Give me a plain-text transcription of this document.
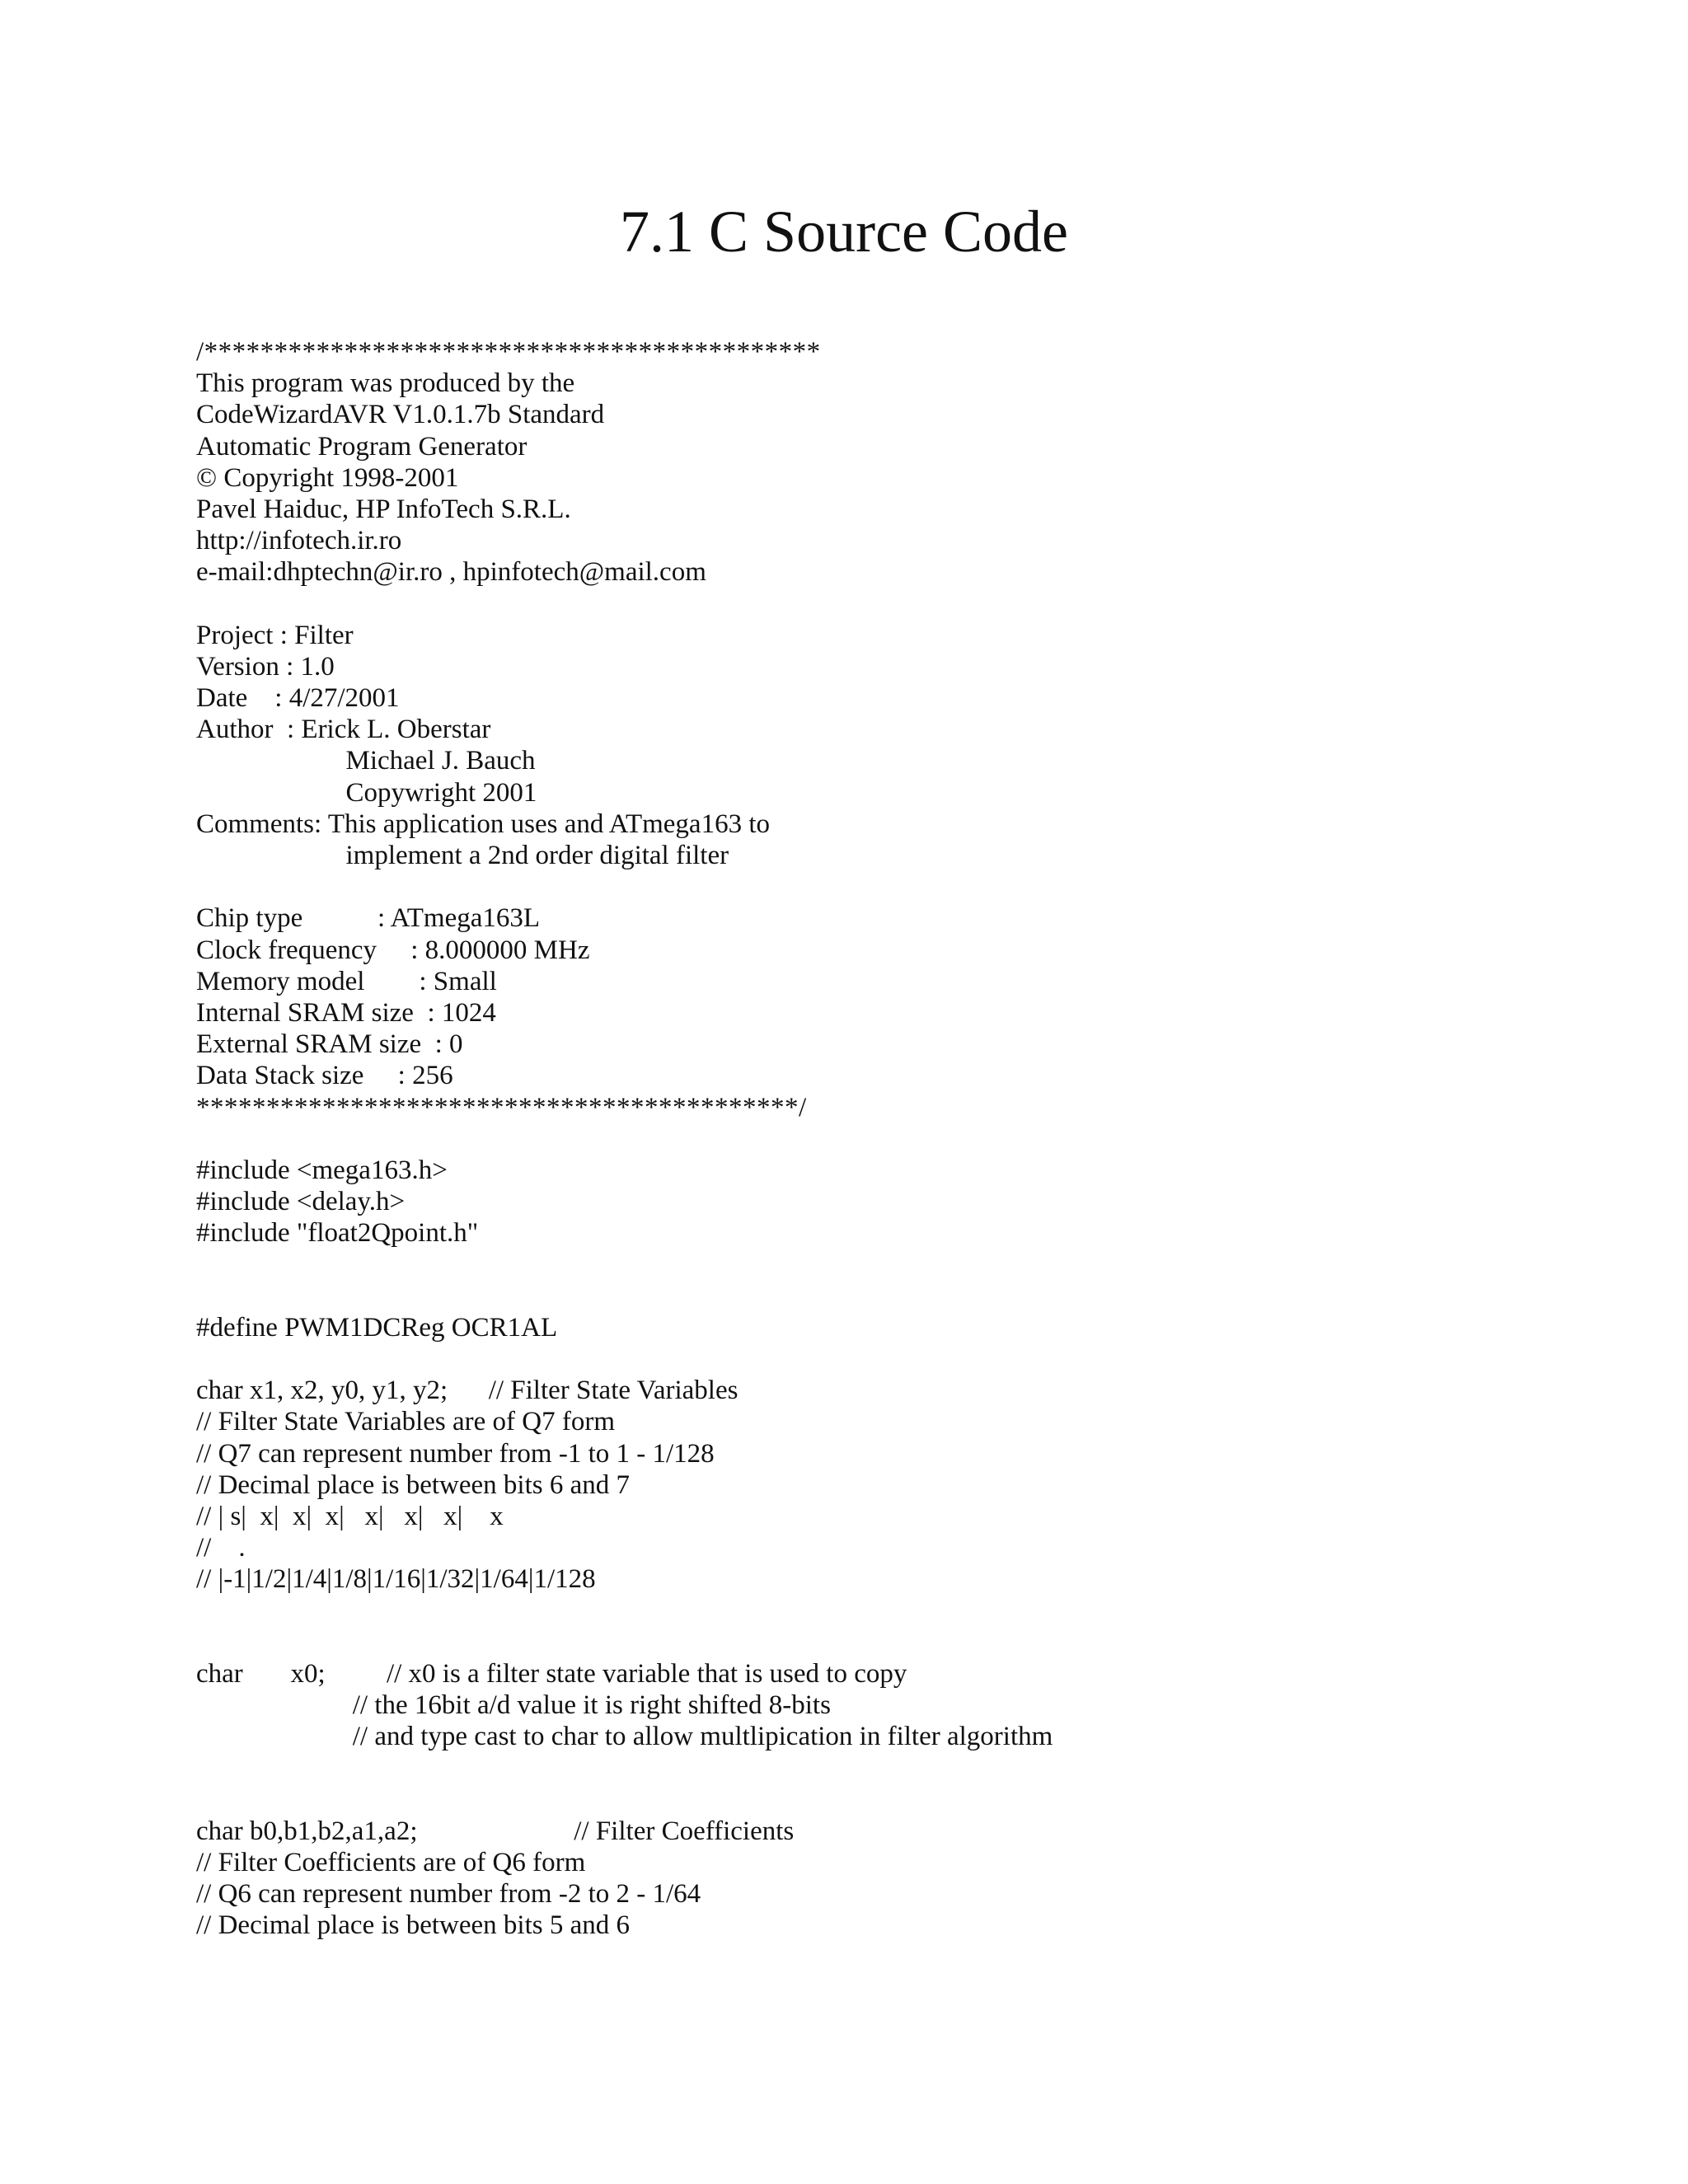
7.1 C Source Code
/********************************************
This program was produced by the
CodeWizardAVR V1.0.1.7b Standard
Automatic Program Generator
© Copyright 1998-2001
Pavel Haiduc, HP InfoTech S.R.L.
http://infotech.ir.ro
e-mail:dhptechn@ir.ro , hpinfotech@mail.com
Project : Filter
Version : 1.0
Date    : 4/27/2001
Author  : Erick L. Oberstar
Michael J. Bauch
Copywright 2001
Comments: This application uses and ATmega163 to
implement a 2nd order digital filter
Chip type           : ATmega163L
Clock frequency     : 8.000000 MHz
Memory model        : Small
Internal SRAM size  : 1024
External SRAM size  : 0
Data Stack size     : 256
*******************************************/
#include <mega163.h>
#include <delay.h>
#include "float2Qpoint.h"
#define PWM1DCReg OCR1AL
char x1, x2, y0, y1, y2;      // Filter State Variables
// Filter State Variables are of Q7 form
// Q7 can represent number from -1 to 1 - 1/128
// Decimal place is between bits 6 and 7
// | s|  x|  x|  x|   x|   x|   x|    x
//    .
// |-1|1/2|1/4|1/8|1/16|1/32|1/64|1/128
char       x0;         // x0 is a filter state variable that is used to copy
// the 16bit a/d value it is right shifted 8-bits
// and type cast to char to allow multlipication in filter algorithm
char b0,b1,b2,a1,a2;                       // Filter Coefficients
// Filter Coefficients are of Q6 form
// Q6 can represent number from -2 to 2 - 1/64
// Decimal place is between bits 5 and 6
